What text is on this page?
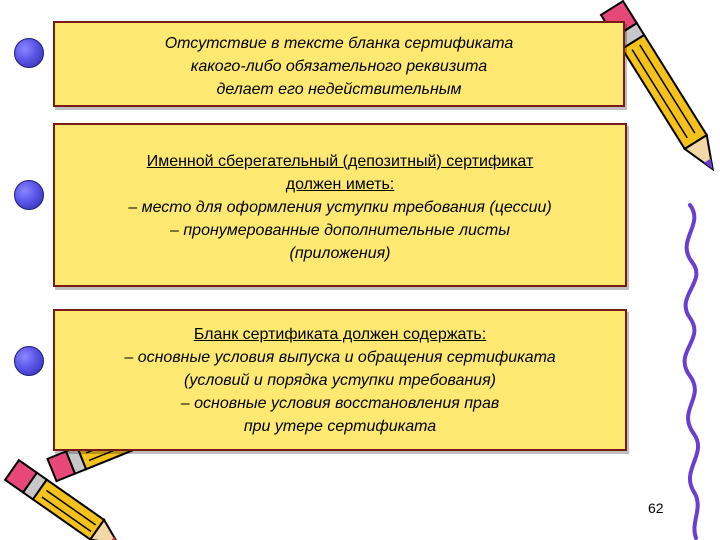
Отсутствие в тексте бланка сертификата

какого-либо обязательного реквизита

делает его недействительным

Именной сберегательный (депозитный) сертификат

должен иметь:

– место для оформления уступки требования (цессии)

– пронумерованные дополнительные листы

(приложения)

Бланк сертификата должен содержать:

– основные условия выпуска и обращения сертификата

(условий и порядка уступки требования)

– основные условия восстановления прав

при утере сертификата

62
